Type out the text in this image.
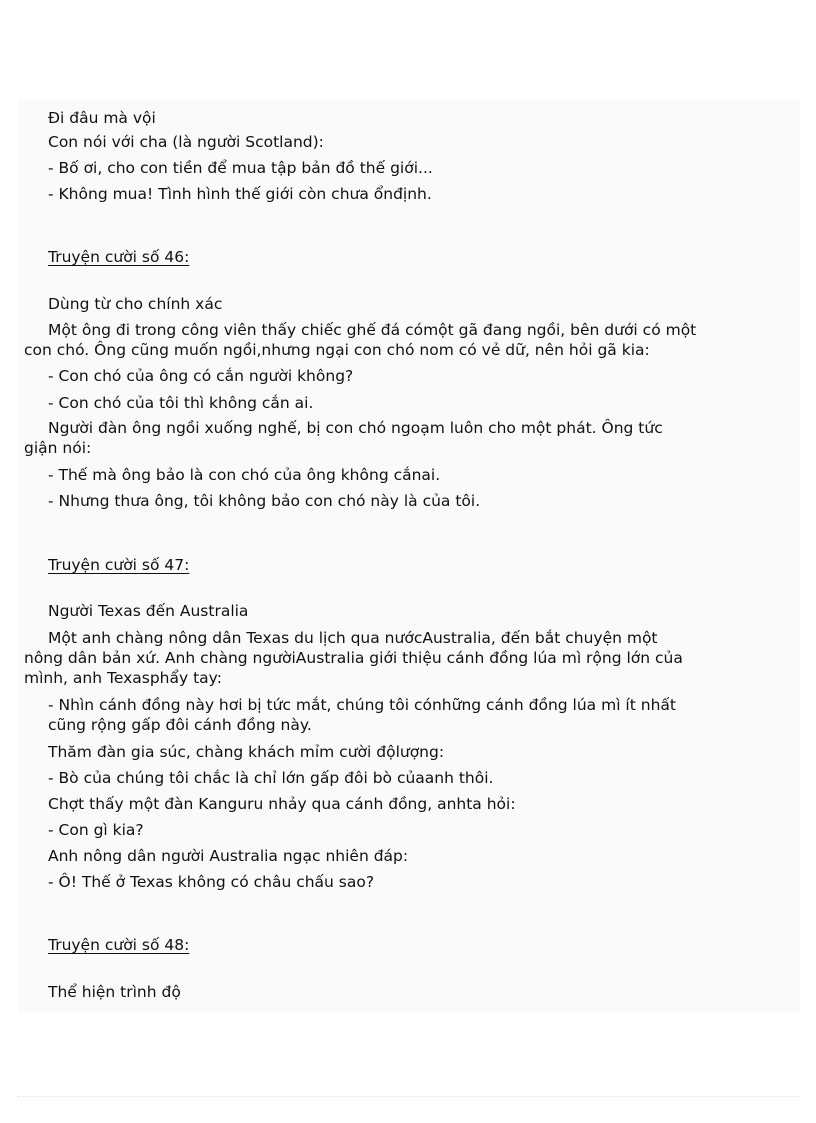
Đi đâu mà vội
Con nói với cha (là người Scotland):
- Bố ơi, cho con tiền để mua tập bản đồ thế giới...
- Không mua! Tình hình thế giới còn chưa ổnđịnh.
Truyện cười số 46:
Dùng từ cho chính xác
Một ông đi trong công viên thấy chiếc ghế đá cómột gã đang ngồi, bên dưới có một
con chó. Ông cũng muốn ngồi,nhưng ngại con chó nom có vẻ dữ, nên hỏi gã kia:
- Con chó của ông có cắn người không?
- Con chó của tôi thì không cắn ai.
Người đàn ông ngồi xuống nghế, bị con chó ngoạm luôn cho một phát. Ông tức
giận nói:
- Thế mà ông bảo là con chó của ông không cắnai.
- Nhưng thưa ông, tôi không bảo con chó này là của tôi.
Truyện cười số 47:
Người Texas đến Australia
Một anh chàng nông dân Texas du lịch qua nướcAustralia, đến bắt chuyện một
nông dân bản xứ. Anh chàng ngườiAustralia giới thiệu cánh đồng lúa mì rộng lớn của
mình, anh Texasphẩy tay:
- Nhìn cánh đồng này hơi bị tức mắt, chúng tôi cónhững cánh đồng lúa mì ít nhất
cũng rộng gấp đôi cánh đồng này.
Thăm đàn gia súc, chàng khách mỉm cười độlượng:
- Bò của chúng tôi chắc là chỉ lớn gấp đôi bò củaanh thôi.
Chợt thấy một đàn Kanguru nhảy qua cánh đồng, anhta hỏi:
- Con gì kia?
Anh nông dân người Australia ngạc nhiên đáp:
- Ô! Thế ở Texas không có châu chấu sao?
Truyện cười số 48:
Thể hiện trình độ
